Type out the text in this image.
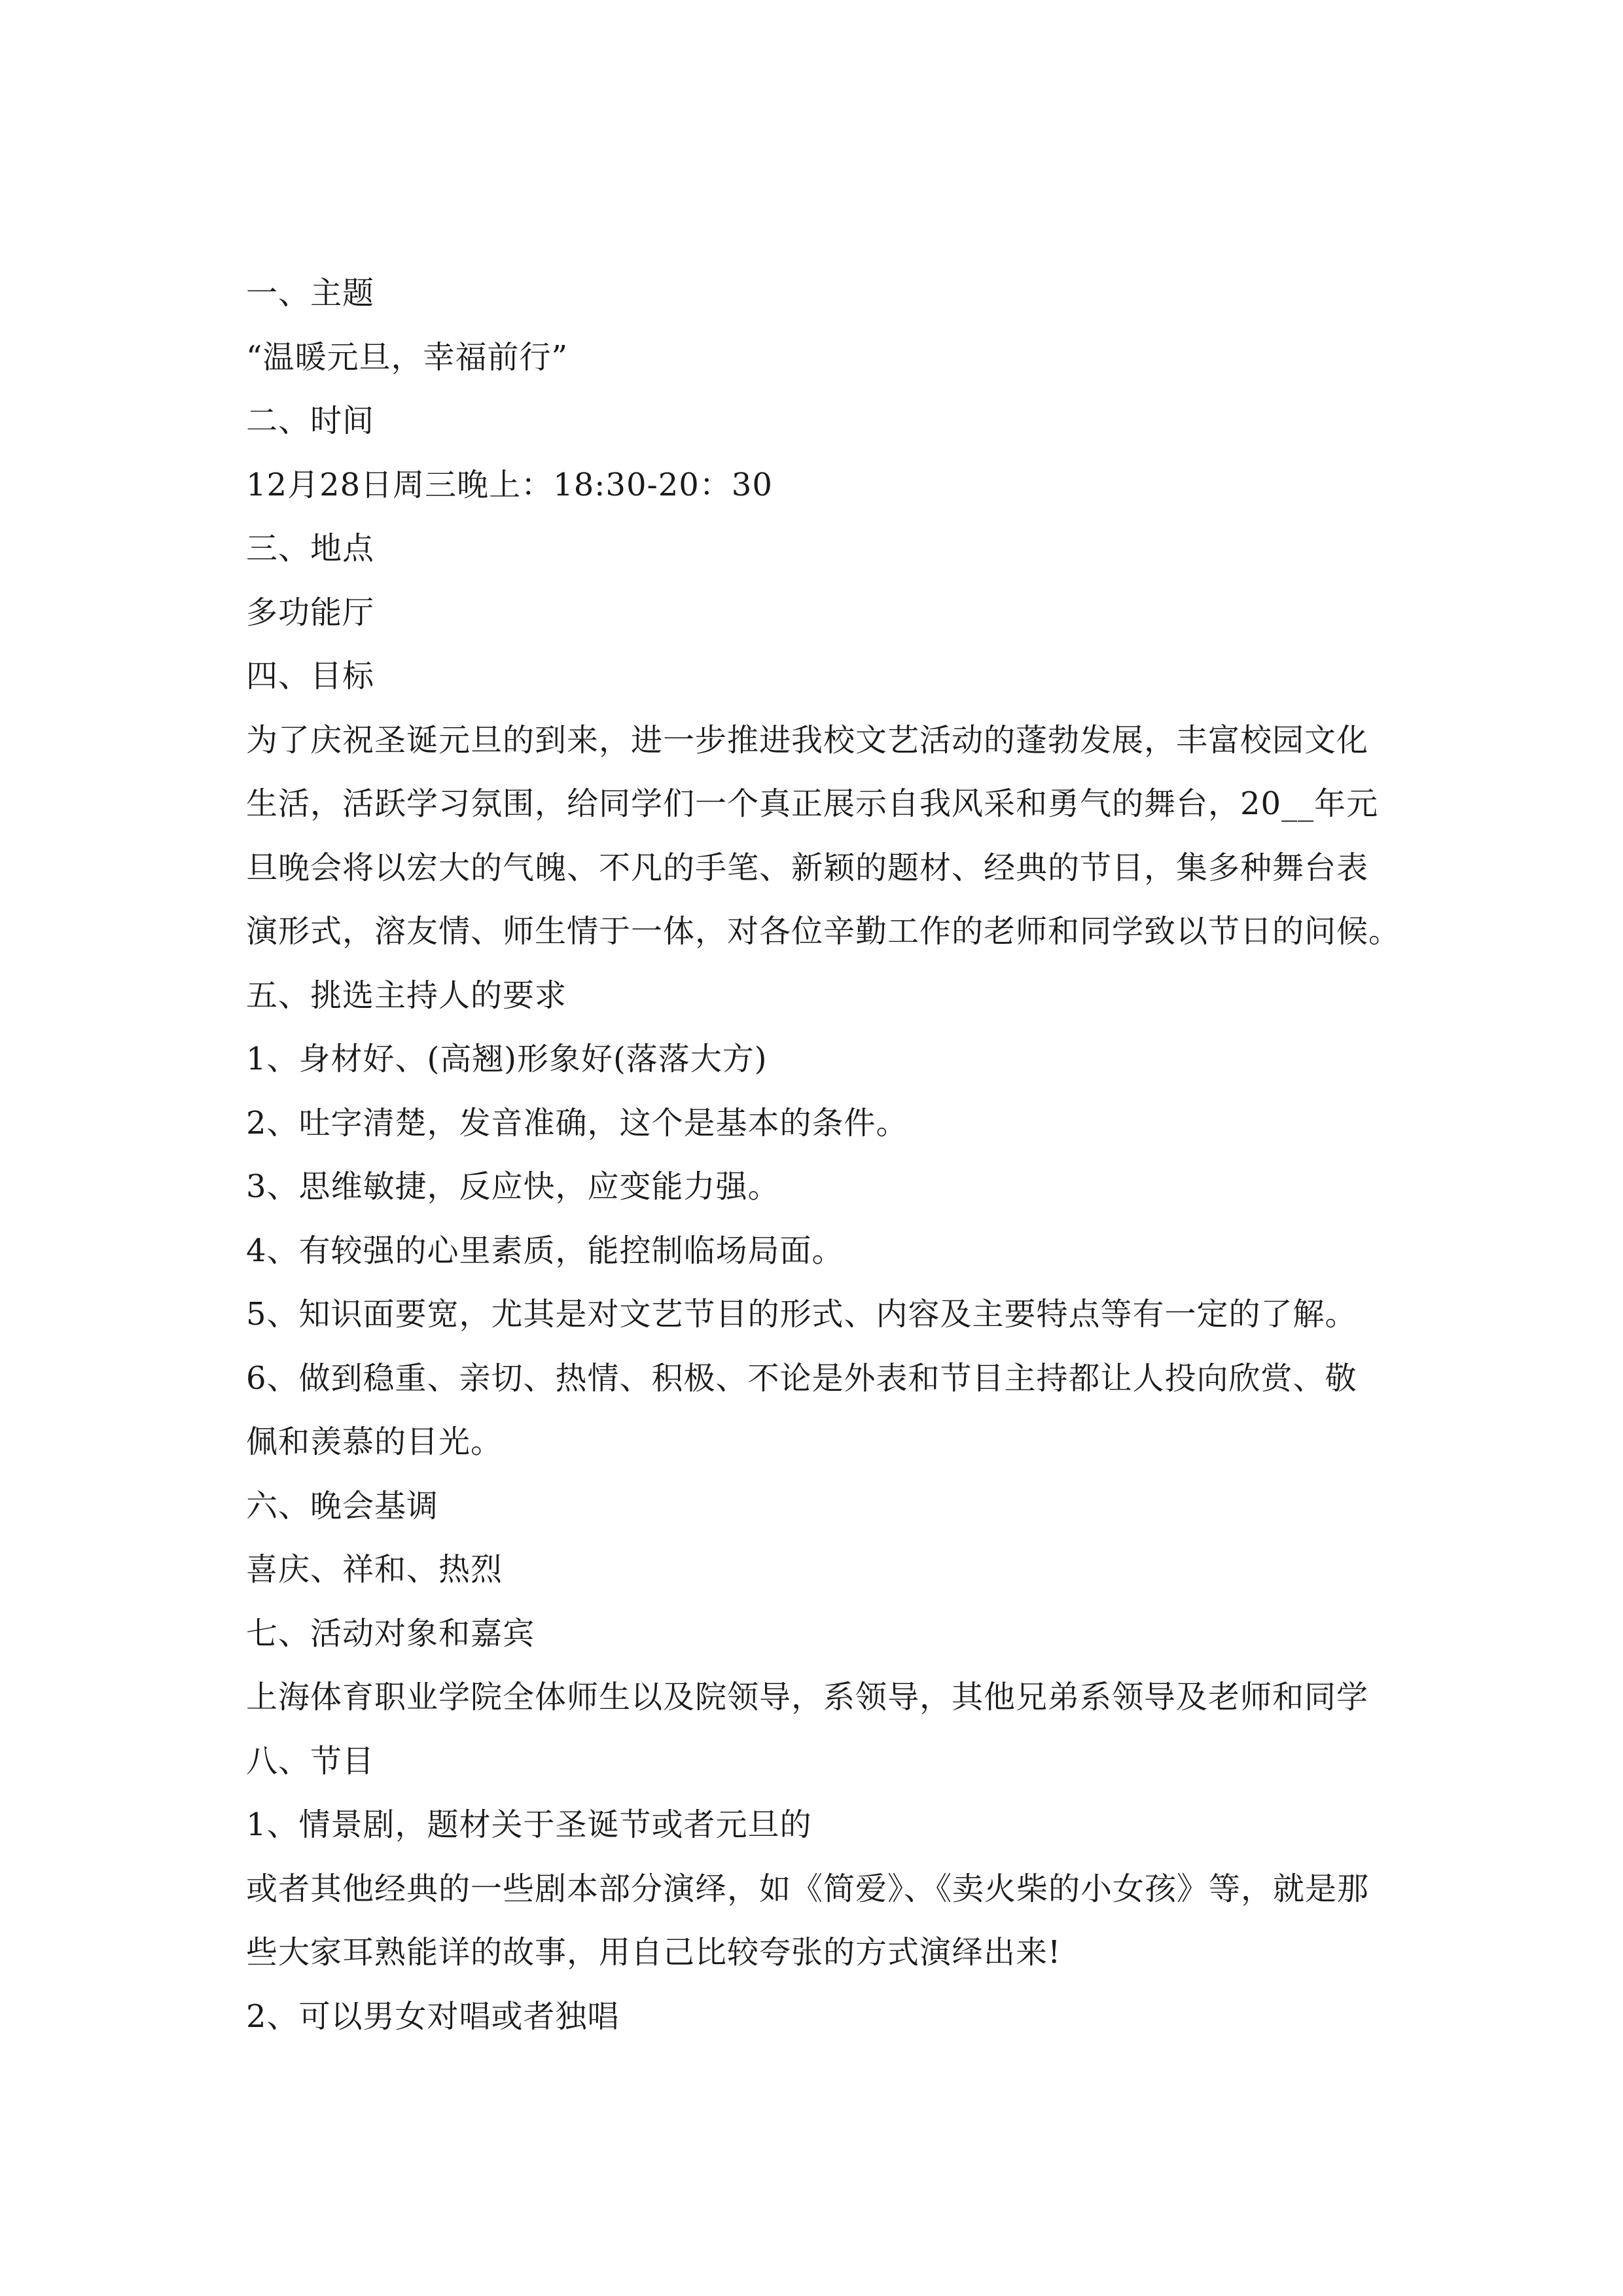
一、主题
“温暖元旦，幸福前行”
二、时间
12月28日周三晚上：18:30-20：30
三、地点
多功能厅
四、目标
为了庆祝圣诞元旦的到来，进一步推进我校文艺活动的蓬勃发展，丰富校园文化
生活，活跃学习氛围，给同学们一个真正展示自我风采和勇气的舞台，20__年元
旦晚会将以宏大的气魄、不凡的手笔、新颖的题材、经典的节目，集多种舞台表
演形式，溶友情、师生情于一体，对各位辛勤工作的老师和同学致以节日的问候。
五、挑选主持人的要求
1、身材好、(高翘)形象好(落落大方)
2、吐字清楚，发音准确，这个是基本的条件。
3、思维敏捷，反应快，应变能力强。
4、有较强的心里素质，能控制临场局面。
5、知识面要宽，尤其是对文艺节目的形式、内容及主要特点等有一定的了解。
6、做到稳重、亲切、热情、积极、不论是外表和节目主持都让人投向欣赏、敬
佩和羡慕的目光。
六、晚会基调
喜庆、祥和、热烈
七、活动对象和嘉宾
上海体育职业学院全体师生以及院领导，系领导，其他兄弟系领导及老师和同学
八、节目
1、情景剧，题材关于圣诞节或者元旦的
或者其他经典的一些剧本部分演绎，如《简爱》、《卖火柴的小女孩》等，就是那
些大家耳熟能详的故事，用自己比较夸张的方式演绎出来!
2、可以男女对唱或者独唱
